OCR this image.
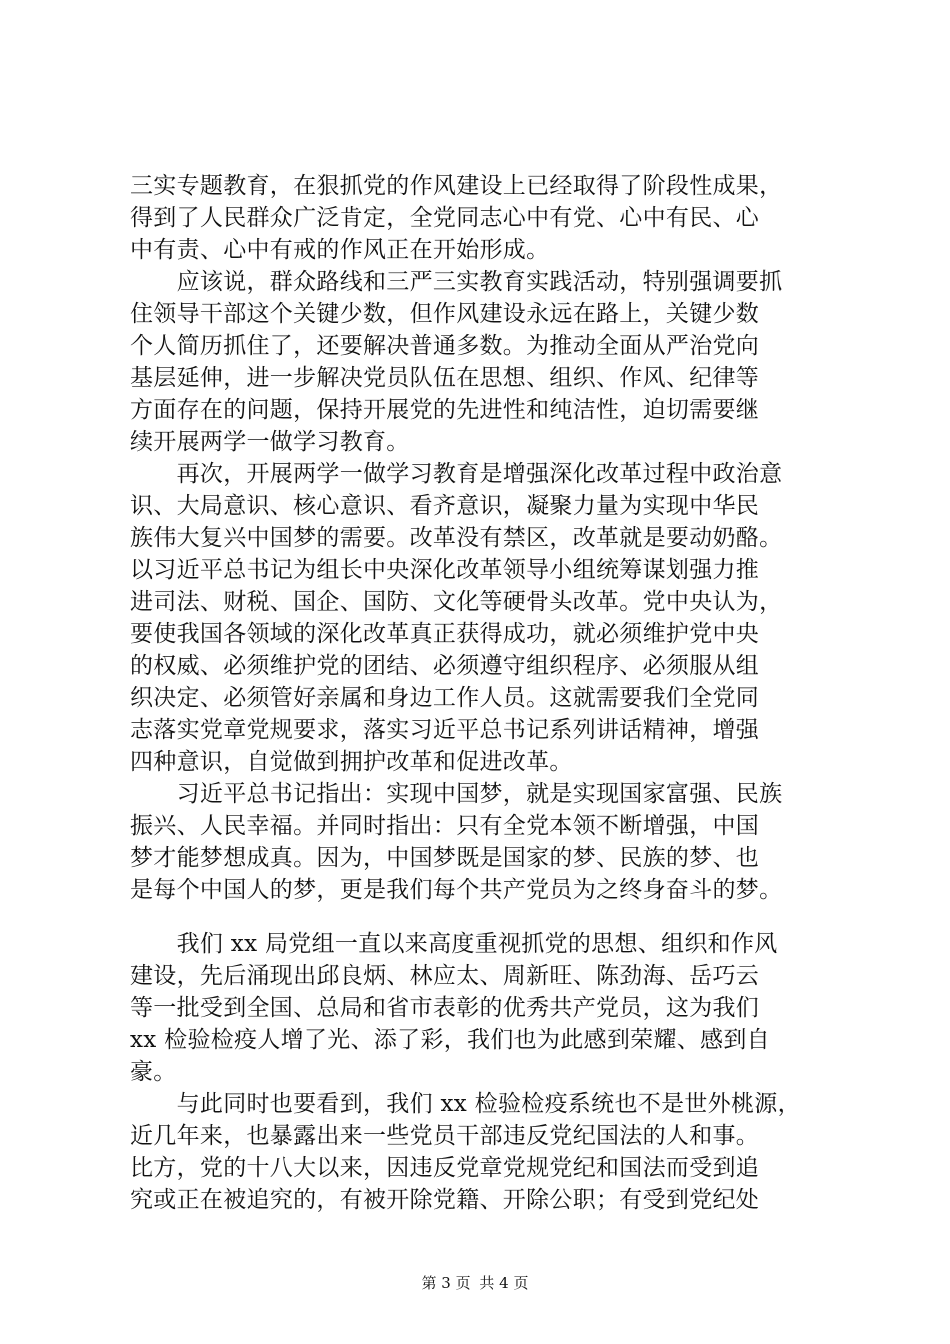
三实专题教育，在狠抓党的作风建设上已经取得了阶段性成果，
得到了人民群众广泛肯定，全党同志心中有党、心中有民、心
中有责、心中有戒的作风正在开始形成。
　　应该说，群众路线和三严三实教育实践活动，特别强调要抓
住领导干部这个关键少数，但作风建设永远在路上，关键少数
个人简历抓住了，还要解决普通多数。为推动全面从严治党向
基层延伸，进一步解决党员队伍在思想、组织、作风、纪律等
方面存在的问题，保持开展党的先进性和纯洁性，迫切需要继
续开展两学一做学习教育。
　　再次，开展两学一做学习教育是增强深化改革过程中政治意
识、大局意识、核心意识、看齐意识，凝聚力量为实现中华民
族伟大复兴中国梦的需要。改革没有禁区，改革就是要动奶酪。
以习近平总书记为组长中央深化改革领导小组统筹谋划强力推
进司法、财税、国企、国防、文化等硬骨头改革。党中央认为，
要使我国各领域的深化改革真正获得成功，就必须维护党中央
的权威、必须维护党的团结、必须遵守组织程序、必须服从组
织决定、必须管好亲属和身边工作人员。这就需要我们全党同
志落实党章党规要求，落实习近平总书记系列讲话精神，增强
四种意识，自觉做到拥护改革和促进改革。
　　习近平总书记指出：实现中国梦，就是实现国家富强、民族
振兴、人民幸福。并同时指出：只有全党本领不断增强，中国
梦才能梦想成真。因为，中国梦既是国家的梦、民族的梦、也
是每个中国人的梦，更是我们每个共产党员为之终身奋斗的梦。
　　我们 xx 局党组一直以来高度重视抓党的思想、组织和作风
建设，先后涌现出邱良炳、林应太、周新旺、陈劲海、岳巧云
等一批受到全国、总局和省市表彰的优秀共产党员，这为我们
xx 检验检疫人增了光、添了彩，我们也为此感到荣耀、感到自
豪。
　　与此同时也要看到，我们 xx 检验检疫系统也不是世外桃源，
近几年来，也暴露出来一些党员干部违反党纪国法的人和事。
比方，党的十八大以来，因违反党章党规党纪和国法而受到追
究或正在被追究的，有被开除党籍、开除公职；有受到党纪处
第 3 页 共 4 页
